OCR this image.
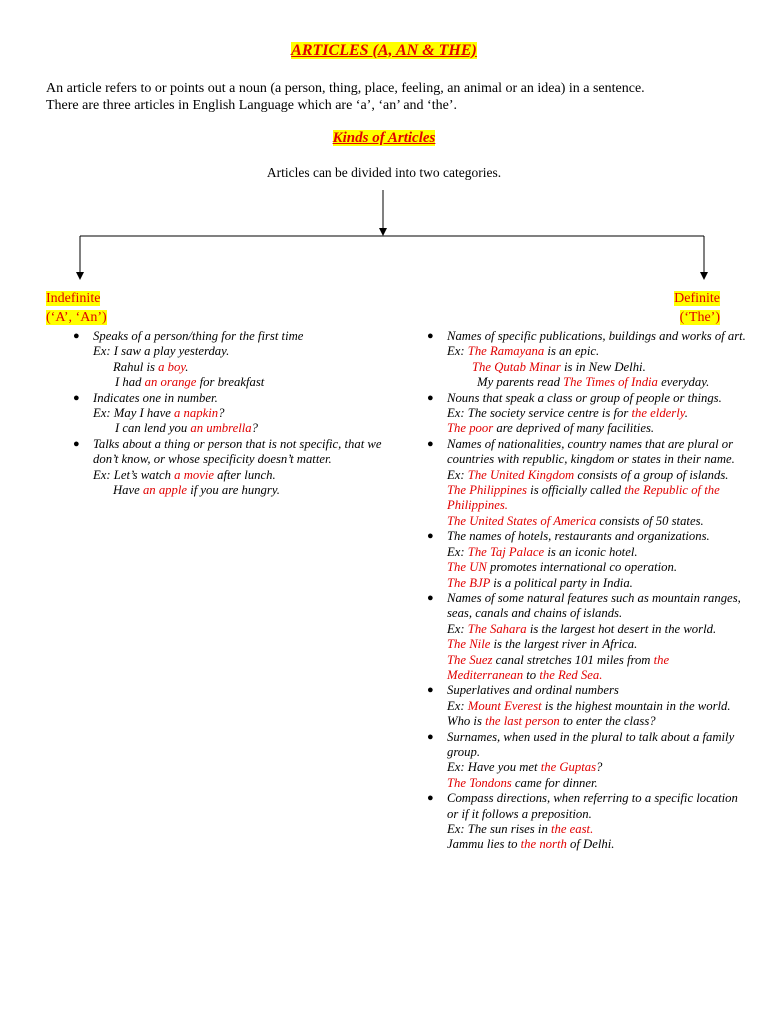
ARTICLES (A, AN & THE)
An article refers to or points out a noun (a person, thing, place, feeling, an animal or an idea) in a sentence.
There are three articles in English Language which are ‘a’, ‘an’ and ‘the’.
Kinds of Articles
Articles can be divided into two categories.
Indefinite
(‘A’, ‘An’)
Definite
(‘The’)
● Speaks of a person/thing for the first time
Ex: I saw a play yesterday.
Rahul is a boy.
I had an orange for breakfast
● Indicates one in number.
Ex: May I have a napkin?
I can lend you an umbrella?
● Talks about a thing or person that is not specific, that we don’t know, or whose specificity doesn’t matter.
Ex: Let’s watch a movie after lunch.
Have an apple if you are hungry.
● Names of specific publications, buildings and works of art.
Ex: The Ramayana is an epic.
The Qutab Minar is in New Delhi.
My parents read The Times of India everyday.
● Nouns that speak a class or group of people or things.
Ex: The society service centre is for the elderly.
The poor are deprived of many facilities.
● Names of nationalities, country names that are plural or countries with republic, kingdom or states in their name.
Ex: The United Kingdom consists of a group of islands.
The Philippines is officially called the Republic of the Philippines.
The United States of America consists of 50 states.
● The names of hotels, restaurants and organizations.
Ex: The Taj Palace is an iconic hotel.
The UN promotes international co operation.
The BJP is a political party in India.
● Names of some natural features such as mountain ranges, seas, canals and chains of islands.
Ex: The Sahara is the largest hot desert in the world.
The Nile is the largest river in Africa.
The Suez canal stretches 101 miles from the Mediterranean to the Red Sea.
● Superlatives and ordinal numbers
Ex: Mount Everest is the highest mountain in the world.
Who is the last person to enter the class?
● Surnames, when used in the plural to talk about a family group.
Ex: Have you met the Guptas?
The Tondons came for dinner.
● Compass directions, when referring to a specific location or if it follows a preposition.
Ex: The sun rises in the east.
Jammu lies to the north of Delhi.
